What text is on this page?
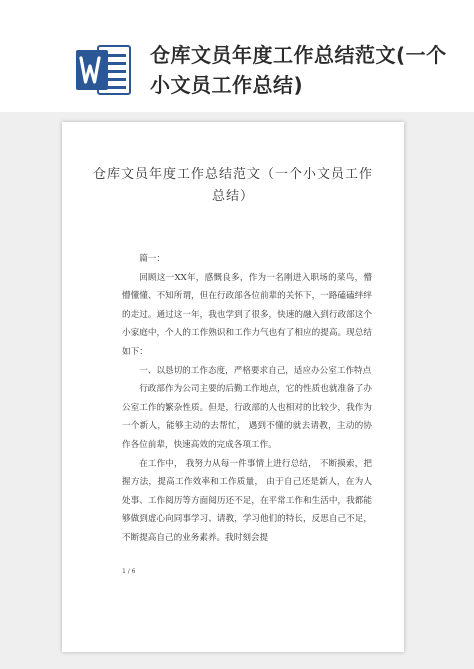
仓库文员年度工作总结范文(一个小文员工作总结)
仓库文员年度工作总结范文（一个小文员工作总结）

篇一：

回顾这一XX年，感慨良多，作为一名刚进入职场的菜鸟，懵懵懂懂、不知所谓，但在行政部各位前辈的关怀下，一路磕磕绊绊的走过。通过这一年，我也学到了很多，快速的融入到行政部这个小家庭中，个人的工作熟识和工作力气也有了相应的提高。现总结如下：

一、以恳切的工作态度，严格要求自己，适应办公室工作特点

行政部作为公司主要的后勤工作地点，它的性质也就准备了办公室工作的繁杂性质。但是，行政部的人也相对的比较少，我作为一个新人，能够主动的去帮忙， 遇到不懂的就去请教，主动的协作各位前辈，快速高效的完成各项工作。

在工作中， 我努力从每一件事情上进行总结， 不断摸索，把握方法，提高工作效率和工作质量， 由于自己还是新人，在为人处事、工作阅历等方面阅历还不足，在平常工作和生活中，我都能够做到虚心向同事学习、请教，学习他们的特长，反思自己不足，不断提高自己的业务素养。我时刻会提

1 / 6
